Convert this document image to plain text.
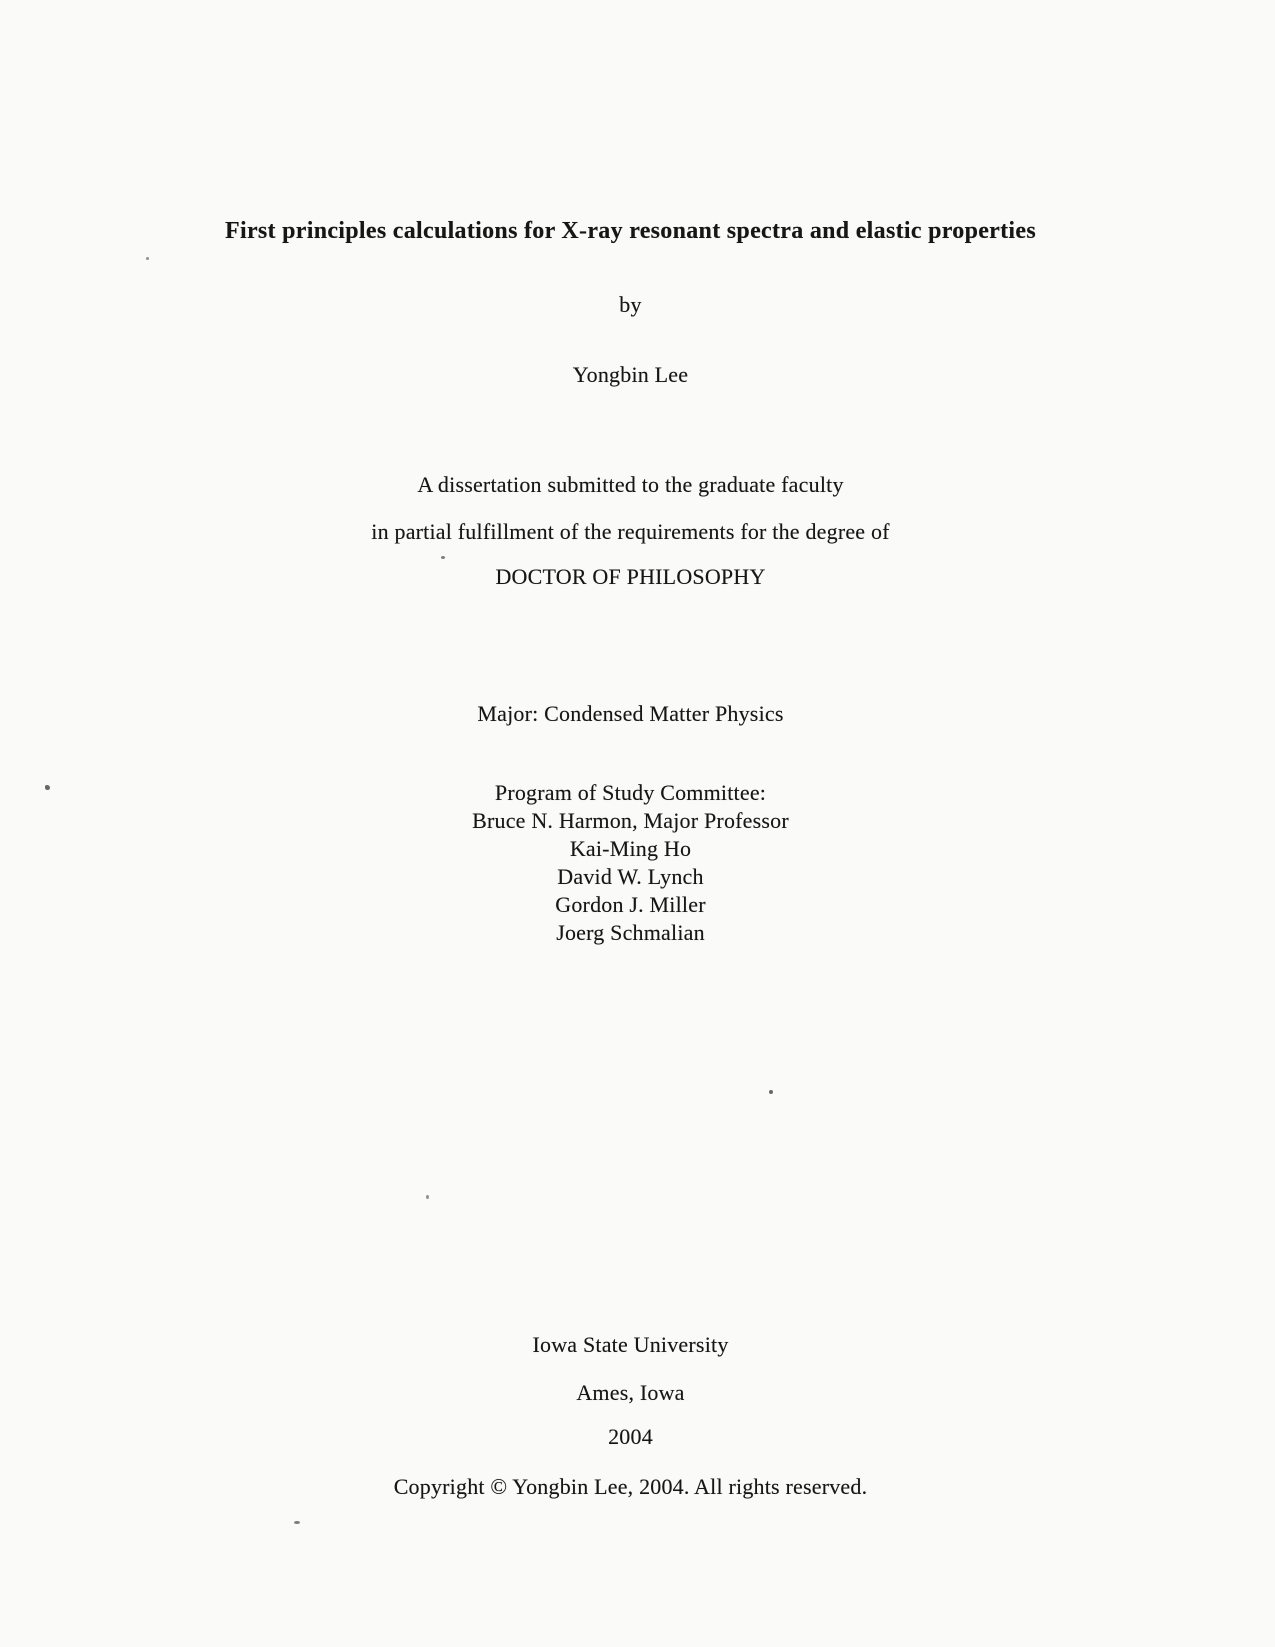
First principles calculations for X-ray resonant spectra and elastic properties
by
Yongbin Lee
A dissertation submitted to the graduate faculty
in partial fulfillment of the requirements for the degree of
DOCTOR OF PHILOSOPHY
Major: Condensed Matter Physics
Program of Study Committee:
Bruce N. Harmon, Major Professor
Kai-Ming Ho
David W. Lynch
Gordon J. Miller
Joerg Schmalian
Iowa State University
Ames, Iowa
2004
Copyright © Yongbin Lee, 2004. All rights reserved.
